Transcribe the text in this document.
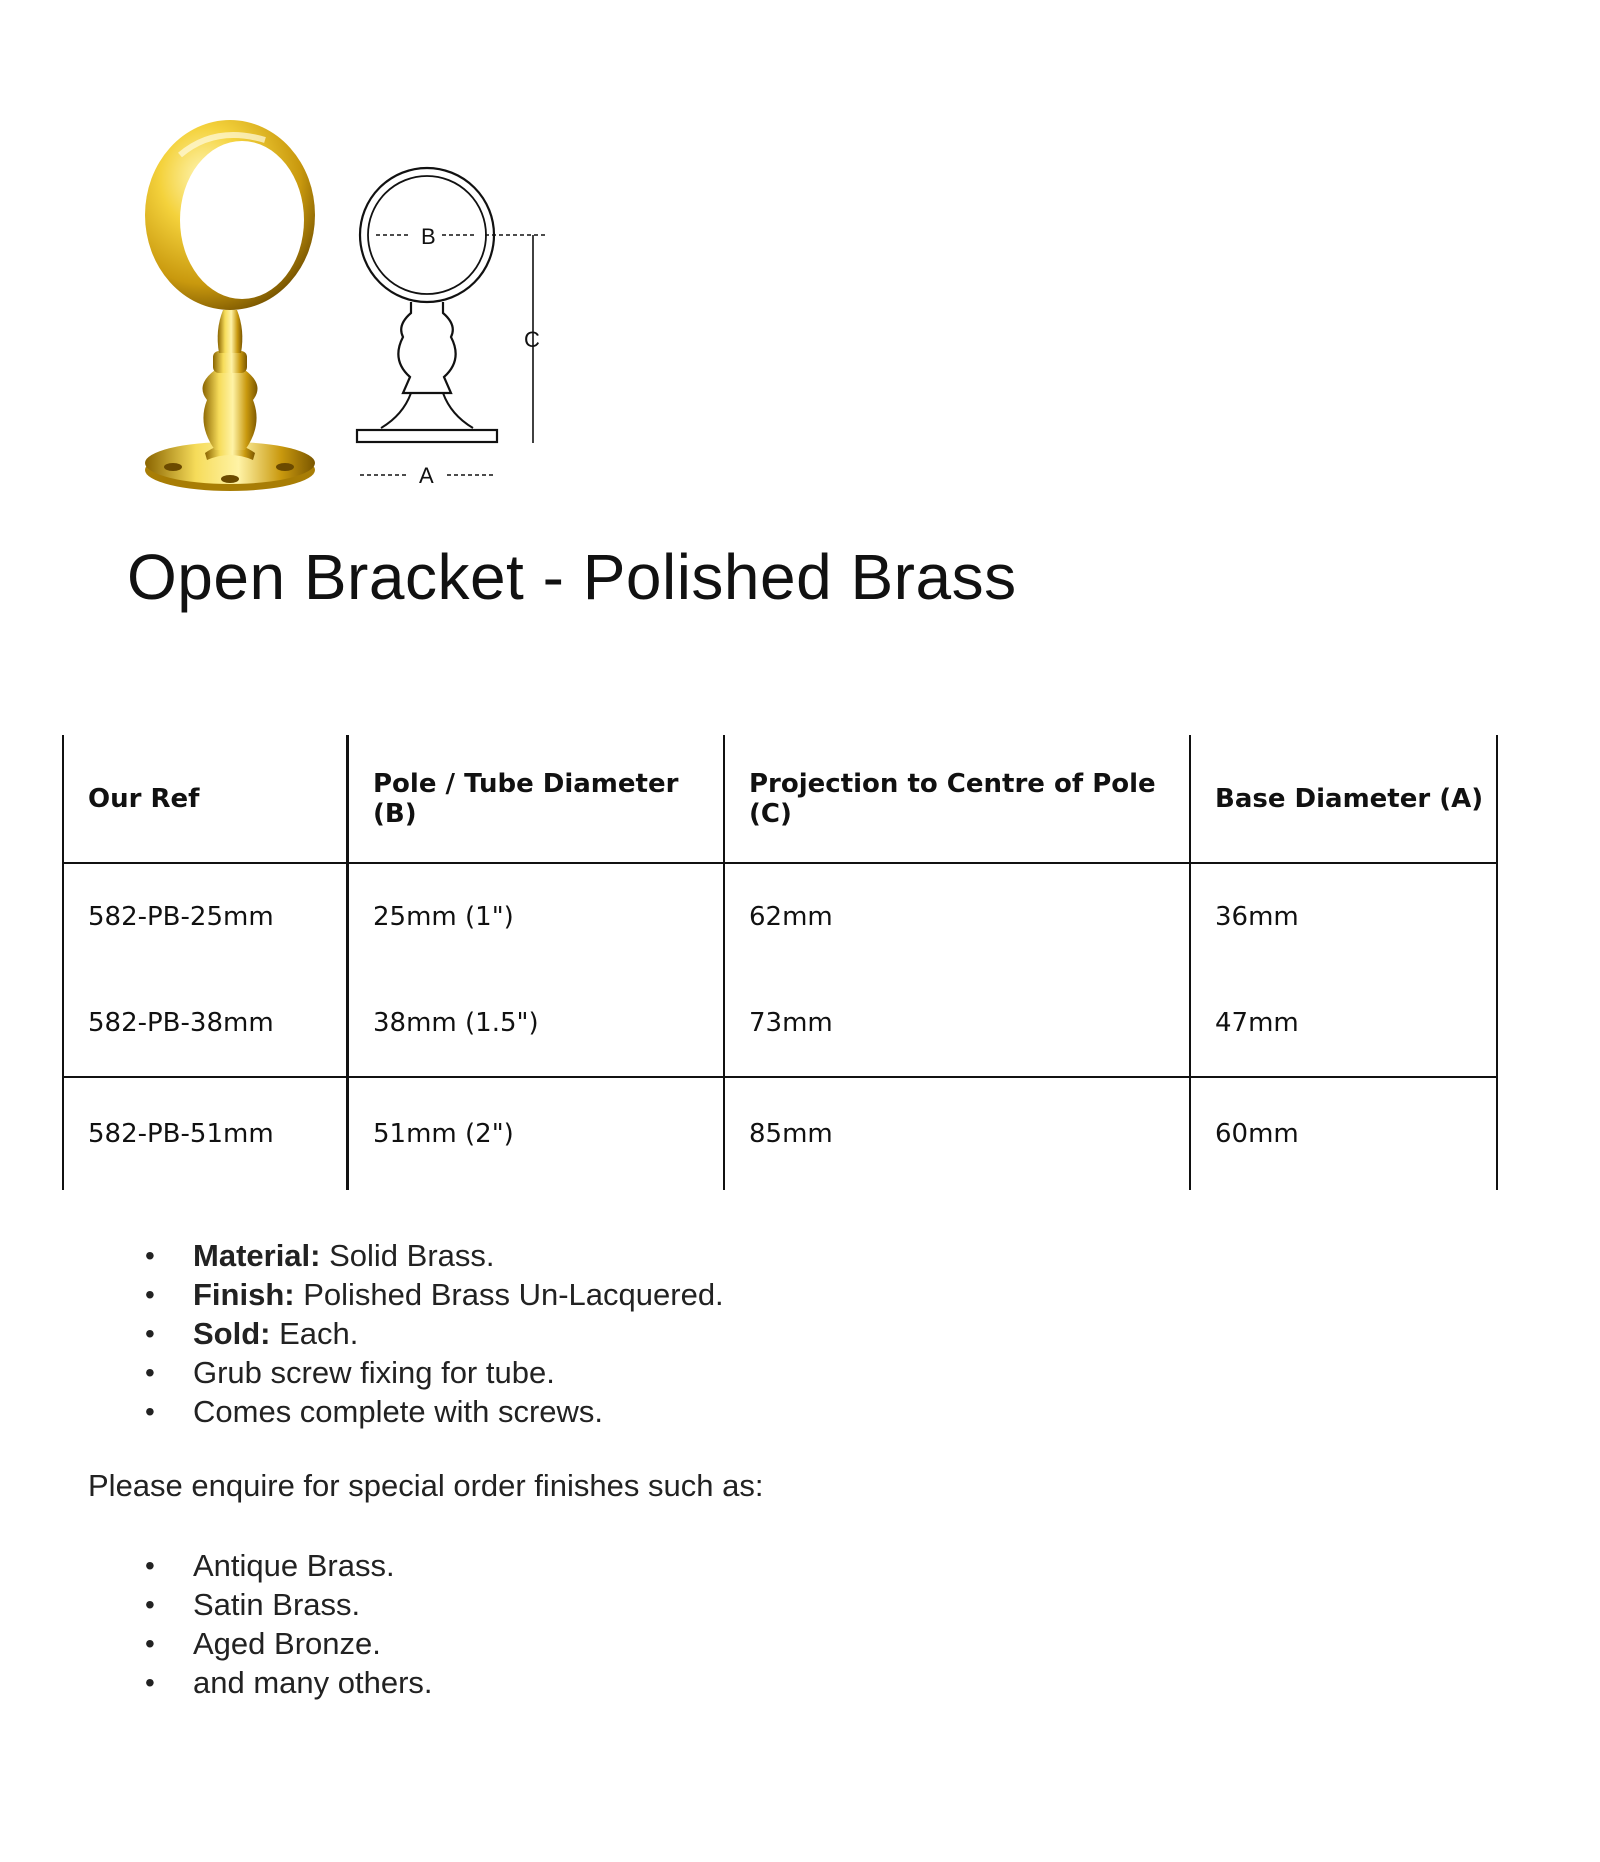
B
C
A
Open Bracket - Polished Brass
Our Ref	Pole / Tube Diameter (B)	Projection to Centre of Pole (C)	Base Diameter (A)
582-PB-25mm	25mm (1")	62mm	36mm
582-PB-38mm	38mm (1.5")	73mm	47mm
582-PB-51mm	51mm (2")	85mm	60mm
• Material: Solid Brass.
• Finish: Polished Brass Un-Lacquered.
• Sold: Each.
• Grub screw fixing for tube.
• Comes complete with screws.

Please enquire for special order finishes such as:

• Antique Brass.
• Satin Brass.
• Aged Bronze.
• and many others.
